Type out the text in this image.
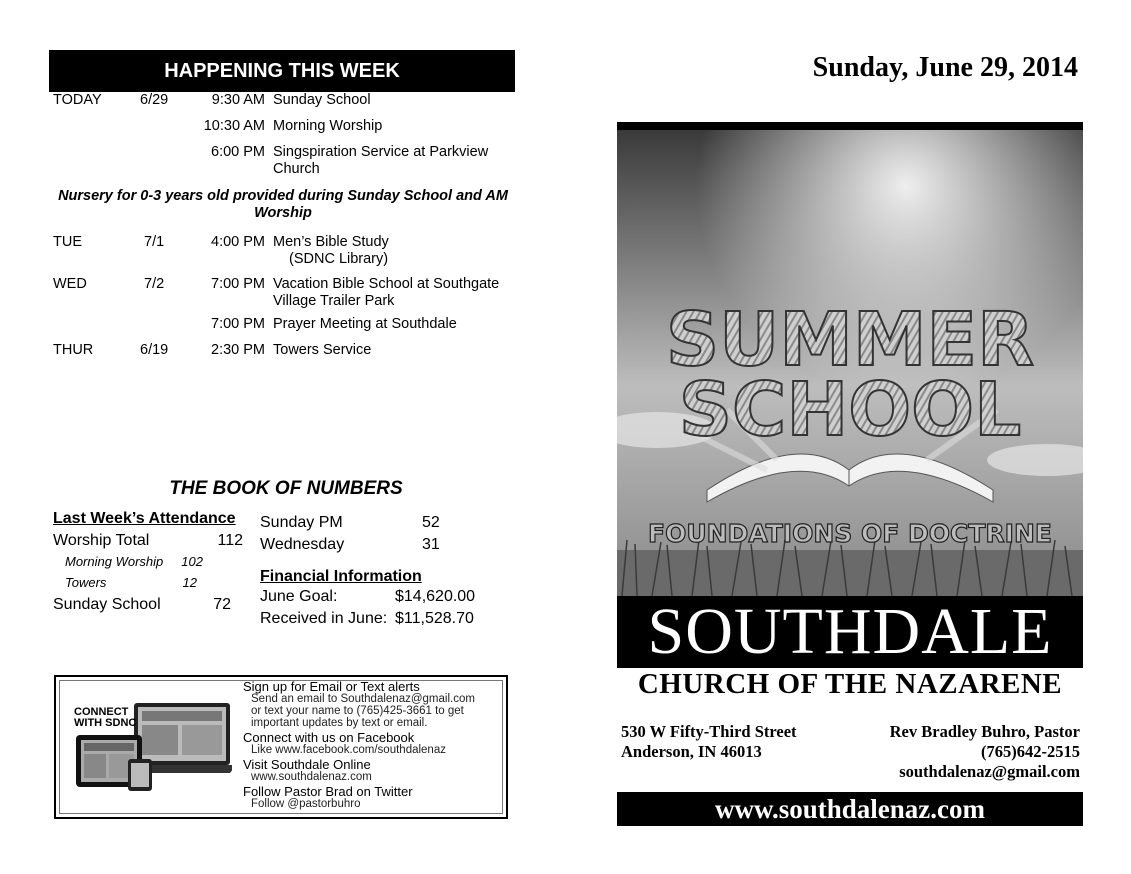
HAPPENING THIS WEEK
TODAY	6/29	9:30 AM Sunday School
10:30 AM Morning Worship
6:00 PM Singspiration Service at Parkview Church
Nursery for 0-3 years old provided during Sunday School and AM Worship
TUE	7/1	4:00 PM Men’s Bible Study
(SDNC Library)
WED	7/2	7:00 PM Vacation Bible School at Southgate Village Trailer Park
7:00 PM Prayer Meeting at Southdale
THUR	6/19	2:30 PM Towers Service
THE BOOK OF NUMBERS
Last Week’s Attendance
Worship Total	112
Morning Worship 102
Towers	12
Sunday School	72
Sunday PM	52
Wednesday	31
Financial Information
June Goal:	$14,620.00
Received in June: $11,528.70
CONNECT
WITH SDNC
Sign up for Email or Text alerts
Send an email to Southdalenaz@gmail.com
or text your name to (765)425-3661 to get
important updates by text or email.
Connect with us on Facebook
Like www.facebook.com/southdalenaz
Visit Southdale Online
www.southdalenaz.com
Follow Pastor Brad on Twitter
Follow @pastorbuhro
Sunday, June 29, 2014
SUMMER
SCHOOL
FOUNDATIONS OF DOCTRINE
SOUTHDALE
CHURCH OF THE NAZARENE
530 W Fifty-Third Street
Anderson, IN 46013
Rev Bradley Buhro, Pastor
(765)642-2515
southdalenaz@gmail.com
www.southdalenaz.com
